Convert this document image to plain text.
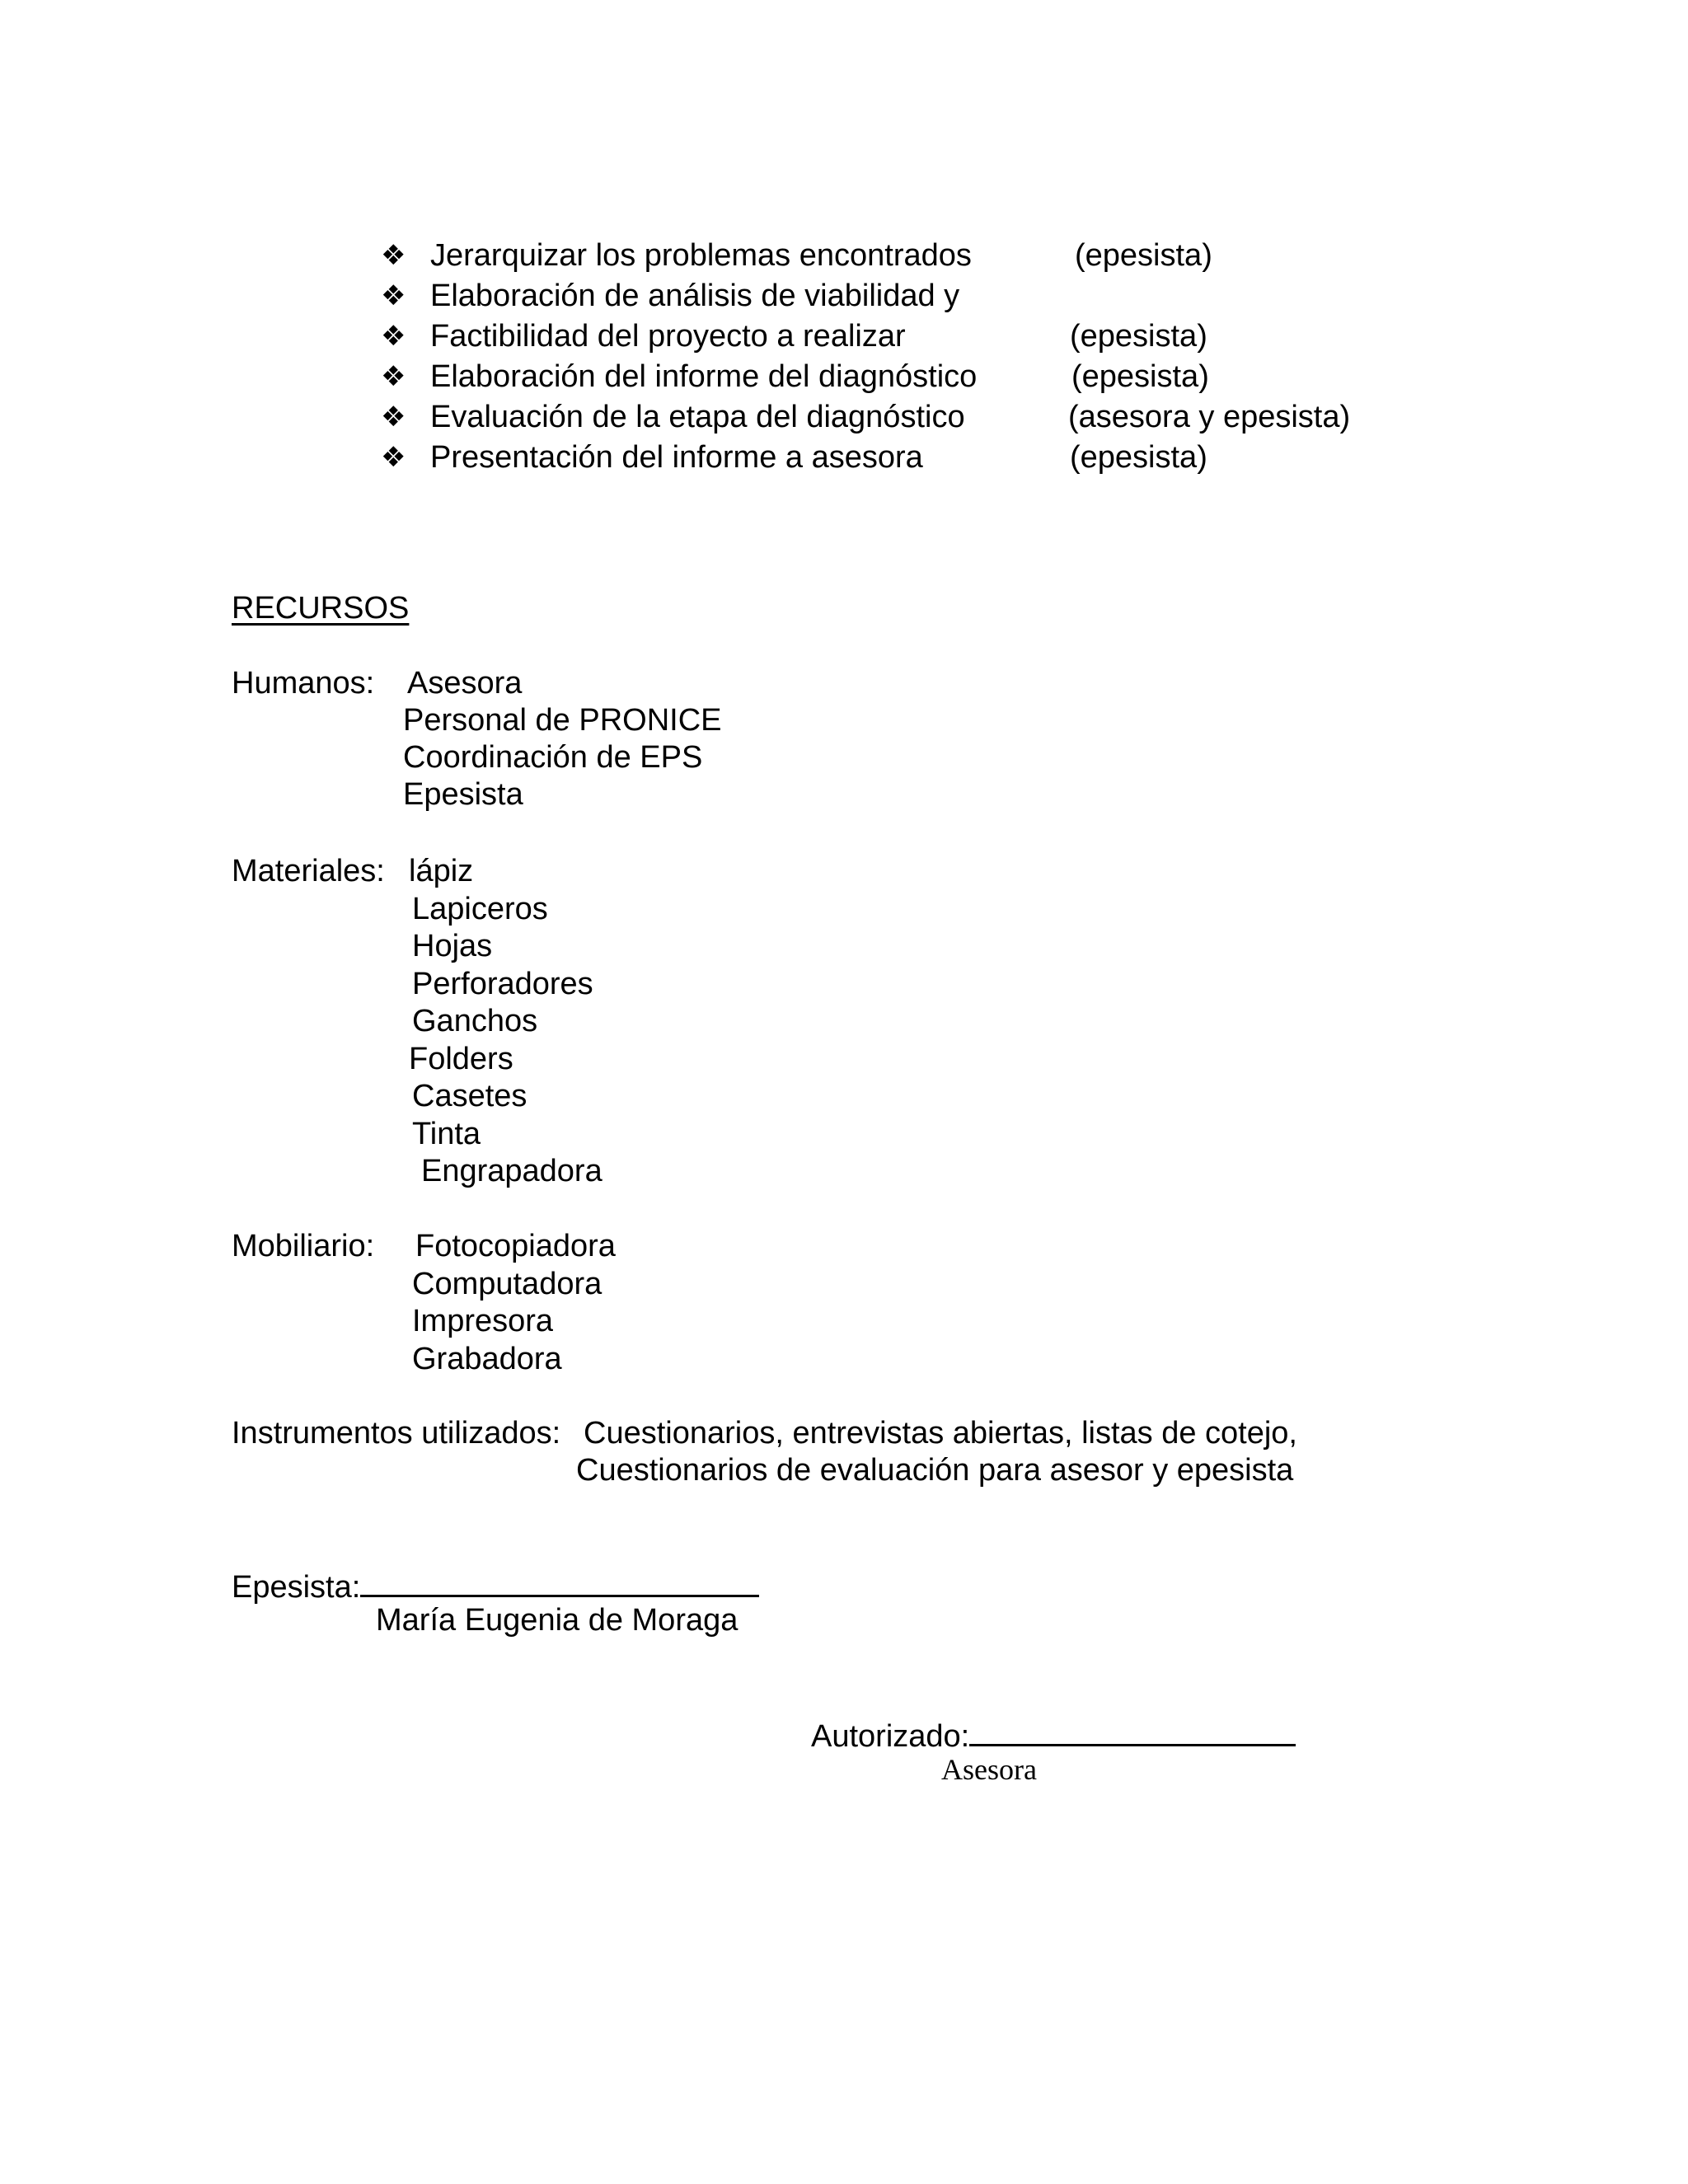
❖ Jerarquizar los problemas encontrados	(epesista)
❖ Elaboración de análisis de viabilidad y
❖ Factibilidad del proyecto a realizar	(epesista)
❖ Elaboración del informe del diagnóstico	(epesista)
❖ Evaluación de la etapa del diagnóstico	(asesora y epesista)
❖ Presentación del informe a asesora	(epesista)
RECURSOS
Humanos: Asesora
Personal de PRONICE
Coordinación de EPS
Epesista
Materiales: lápiz
Lapiceros
Hojas
Perforadores
Ganchos
Folders
Casetes
Tinta
Engrapadora
Mobiliario: Fotocopiadora
Computadora
Impresora
Grabadora
Instrumentos utilizados: Cuestionarios, entrevistas abiertas, listas de cotejo,
Cuestionarios de evaluación para asesor y epesista
Epesista:
María Eugenia de Moraga
Autorizado:
Asesora
